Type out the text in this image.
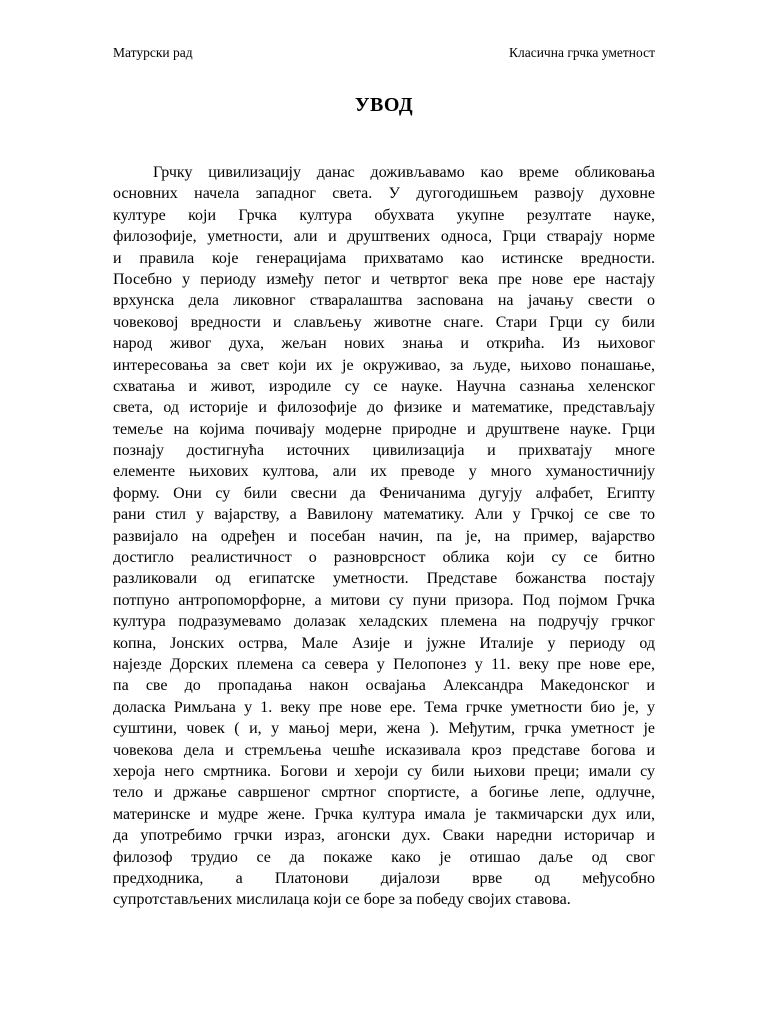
Матурски рад	Класична грчка уметност
УВОД
Грчку цивилизацију данас доживљавамо као време обликовања
основних начела западног света. У дугогодишњем развоју духовне
културе који Грчка култура обухвата укупне резултате науке,
филозофије, уметности, али и друштвених односа, Грци стварају норме
и правила које генерацијама прихватамо као истинске вредности.
Посебно у периоду између петог и четвртог века пре нове ере настају
врхунска дела ликовног стваралаштва засnована на јачању свести о
човековој вредности и слављењу животне снаге. Стари Грци су били
народ живог духа, жељан нових знања и открића. Из њиховог
интересовања за свет који их је окруживао, за људе, њихово понашање,
схватања и живот, изродиле су се науке. Научна сазнања хеленског
света, од историје и филозофије до физике и математике, представљају
темеље на којима почивају модерне природне и друштвене науке. Грци
познају достигнућа источних цивилизација и прихватају многе
елементе њихових култова, али их преводе у много хуманостичнију
форму. Они су били свесни да Феничанима дугују алфабет, Египту
рани стил у вајарству, а Вавилону математику. Али у Грчкој се све то
развијало на одређен и посебан начин, па је, на пример, вајарство
достигло реалистичност о разноврсност облика који су се битно
разликовали од египатске уметности. Представе божанства постају
потпуно антропоморфорне, а митови су пуни призора. Под појмом Грчка
култура подразумевамо долазак хеладских племена на подручју грчког
копна, Јонских острва, Мале Азије и јужне Италије у периоду од
најезде Дорских племена са севера у Пелопонез у 11. веку пре нове ере,
па све до пропадања након освајања Александра Македонског и
доласка Римљана у 1. веку пре нове ере. Тема грчке уметности био је, у
суштини, човек ( и, у мањој мери, жена ). Међутим, грчка уметност је
човекова дела и стремљења чешће исказивала кроз представе богова и
хероја него смртника. Богови и хероји су били њихови преци; имали су
тело и држање савршеног смртног спортисте, а богиње лепе, одлучне,
материнске и мудре жене. Грчка култура имала је такмичарски дух или,
да употребимо грчки израз, агонски дух. Сваки наредни историчар и
филозоф трудио се да покаже како је отишао даље од свог
предходника, а Платонови дијалози врве од међусобно
супротстављених мислилаца који се боре за победу својих ставова.
